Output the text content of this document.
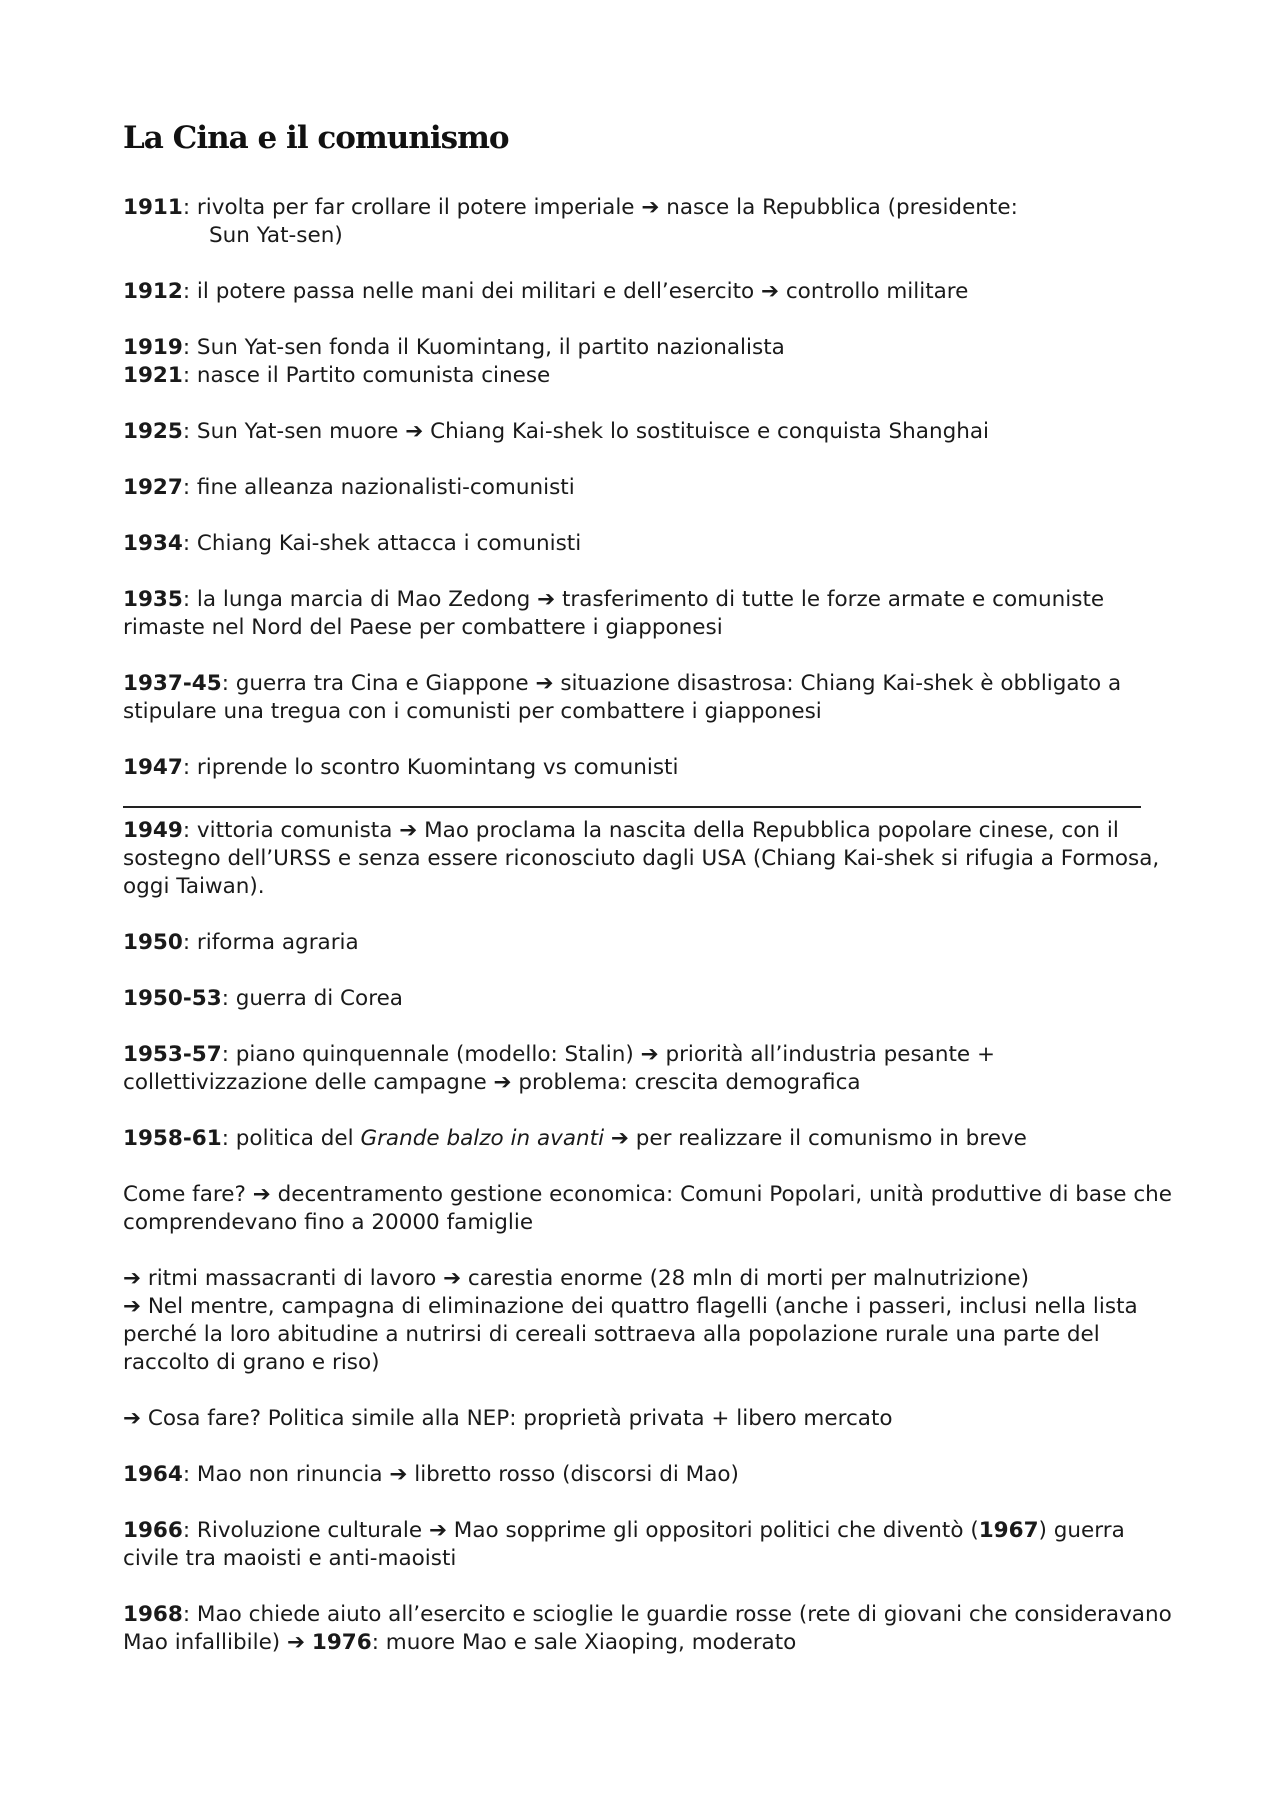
La Cina e il comunismo

1911: rivolta per far crollare il potere imperiale ➔ nasce la Repubblica (presidente:
Sun Yat-sen)

1912: il potere passa nelle mani dei militari e dell’esercito ➔ controllo militare

1919: Sun Yat-sen fonda il Kuomintang, il partito nazionalista

1921: nasce il Partito comunista cinese

1925: Sun Yat-sen muore ➔ Chiang Kai-shek lo sostituisce e conquista Shanghai

1927: fine alleanza nazionalisti-comunisti

1934: Chiang Kai-shek attacca i comunisti

1935: la lunga marcia di Mao Zedong ➔ trasferimento di tutte le forze armate e comuniste rimaste nel Nord del Paese per combattere i giapponesi

1937-45: guerra tra Cina e Giappone ➔ situazione disastrosa: Chiang Kai-shek è obbligato a stipulare una tregua con i comunisti per combattere i giapponesi

1947: riprende lo scontro Kuomintang vs comunisti

1949: vittoria comunista ➔ Mao proclama la nascita della Repubblica popolare cinese, con il sostegno dell’URSS e senza essere riconosciuto dagli USA (Chiang Kai-shek si rifugia a Formosa, oggi Taiwan).

1950: riforma agraria

1950-53: guerra di Corea

1953-57: piano quinquennale (modello: Stalin) ➔ priorità all’industria pesante + collettivizzazione delle campagne ➔ problema: crescita demografica

1958-61: politica del Grande balzo in avanti ➔ per realizzare il comunismo in breve

Come fare? ➔ decentramento gestione economica: Comuni Popolari, unità produttive di base che comprendevano fino a 20000 famiglie

➔ ritmi massacranti di lavoro ➔ carestia enorme (28 mln di morti per malnutrizione)

➔ Nel mentre, campagna di eliminazione dei quattro flagelli (anche i passeri, inclusi nella lista perché la loro abitudine a nutrirsi di cereali sottraeva alla popolazione rurale una parte del raccolto di grano e riso)

➔ Cosa fare? Politica simile alla NEP: proprietà privata + libero mercato

1964: Mao non rinuncia ➔ libretto rosso (discorsi di Mao)

1966: Rivoluzione culturale ➔ Mao sopprime gli oppositori politici che diventò (1967) guerra civile tra maoisti e anti-maoisti

1968: Mao chiede aiuto all’esercito e scioglie le guardie rosse (rete di giovani che consideravano Mao infallibile) ➔ 1976: muore Mao e sale Xiaoping, moderato
